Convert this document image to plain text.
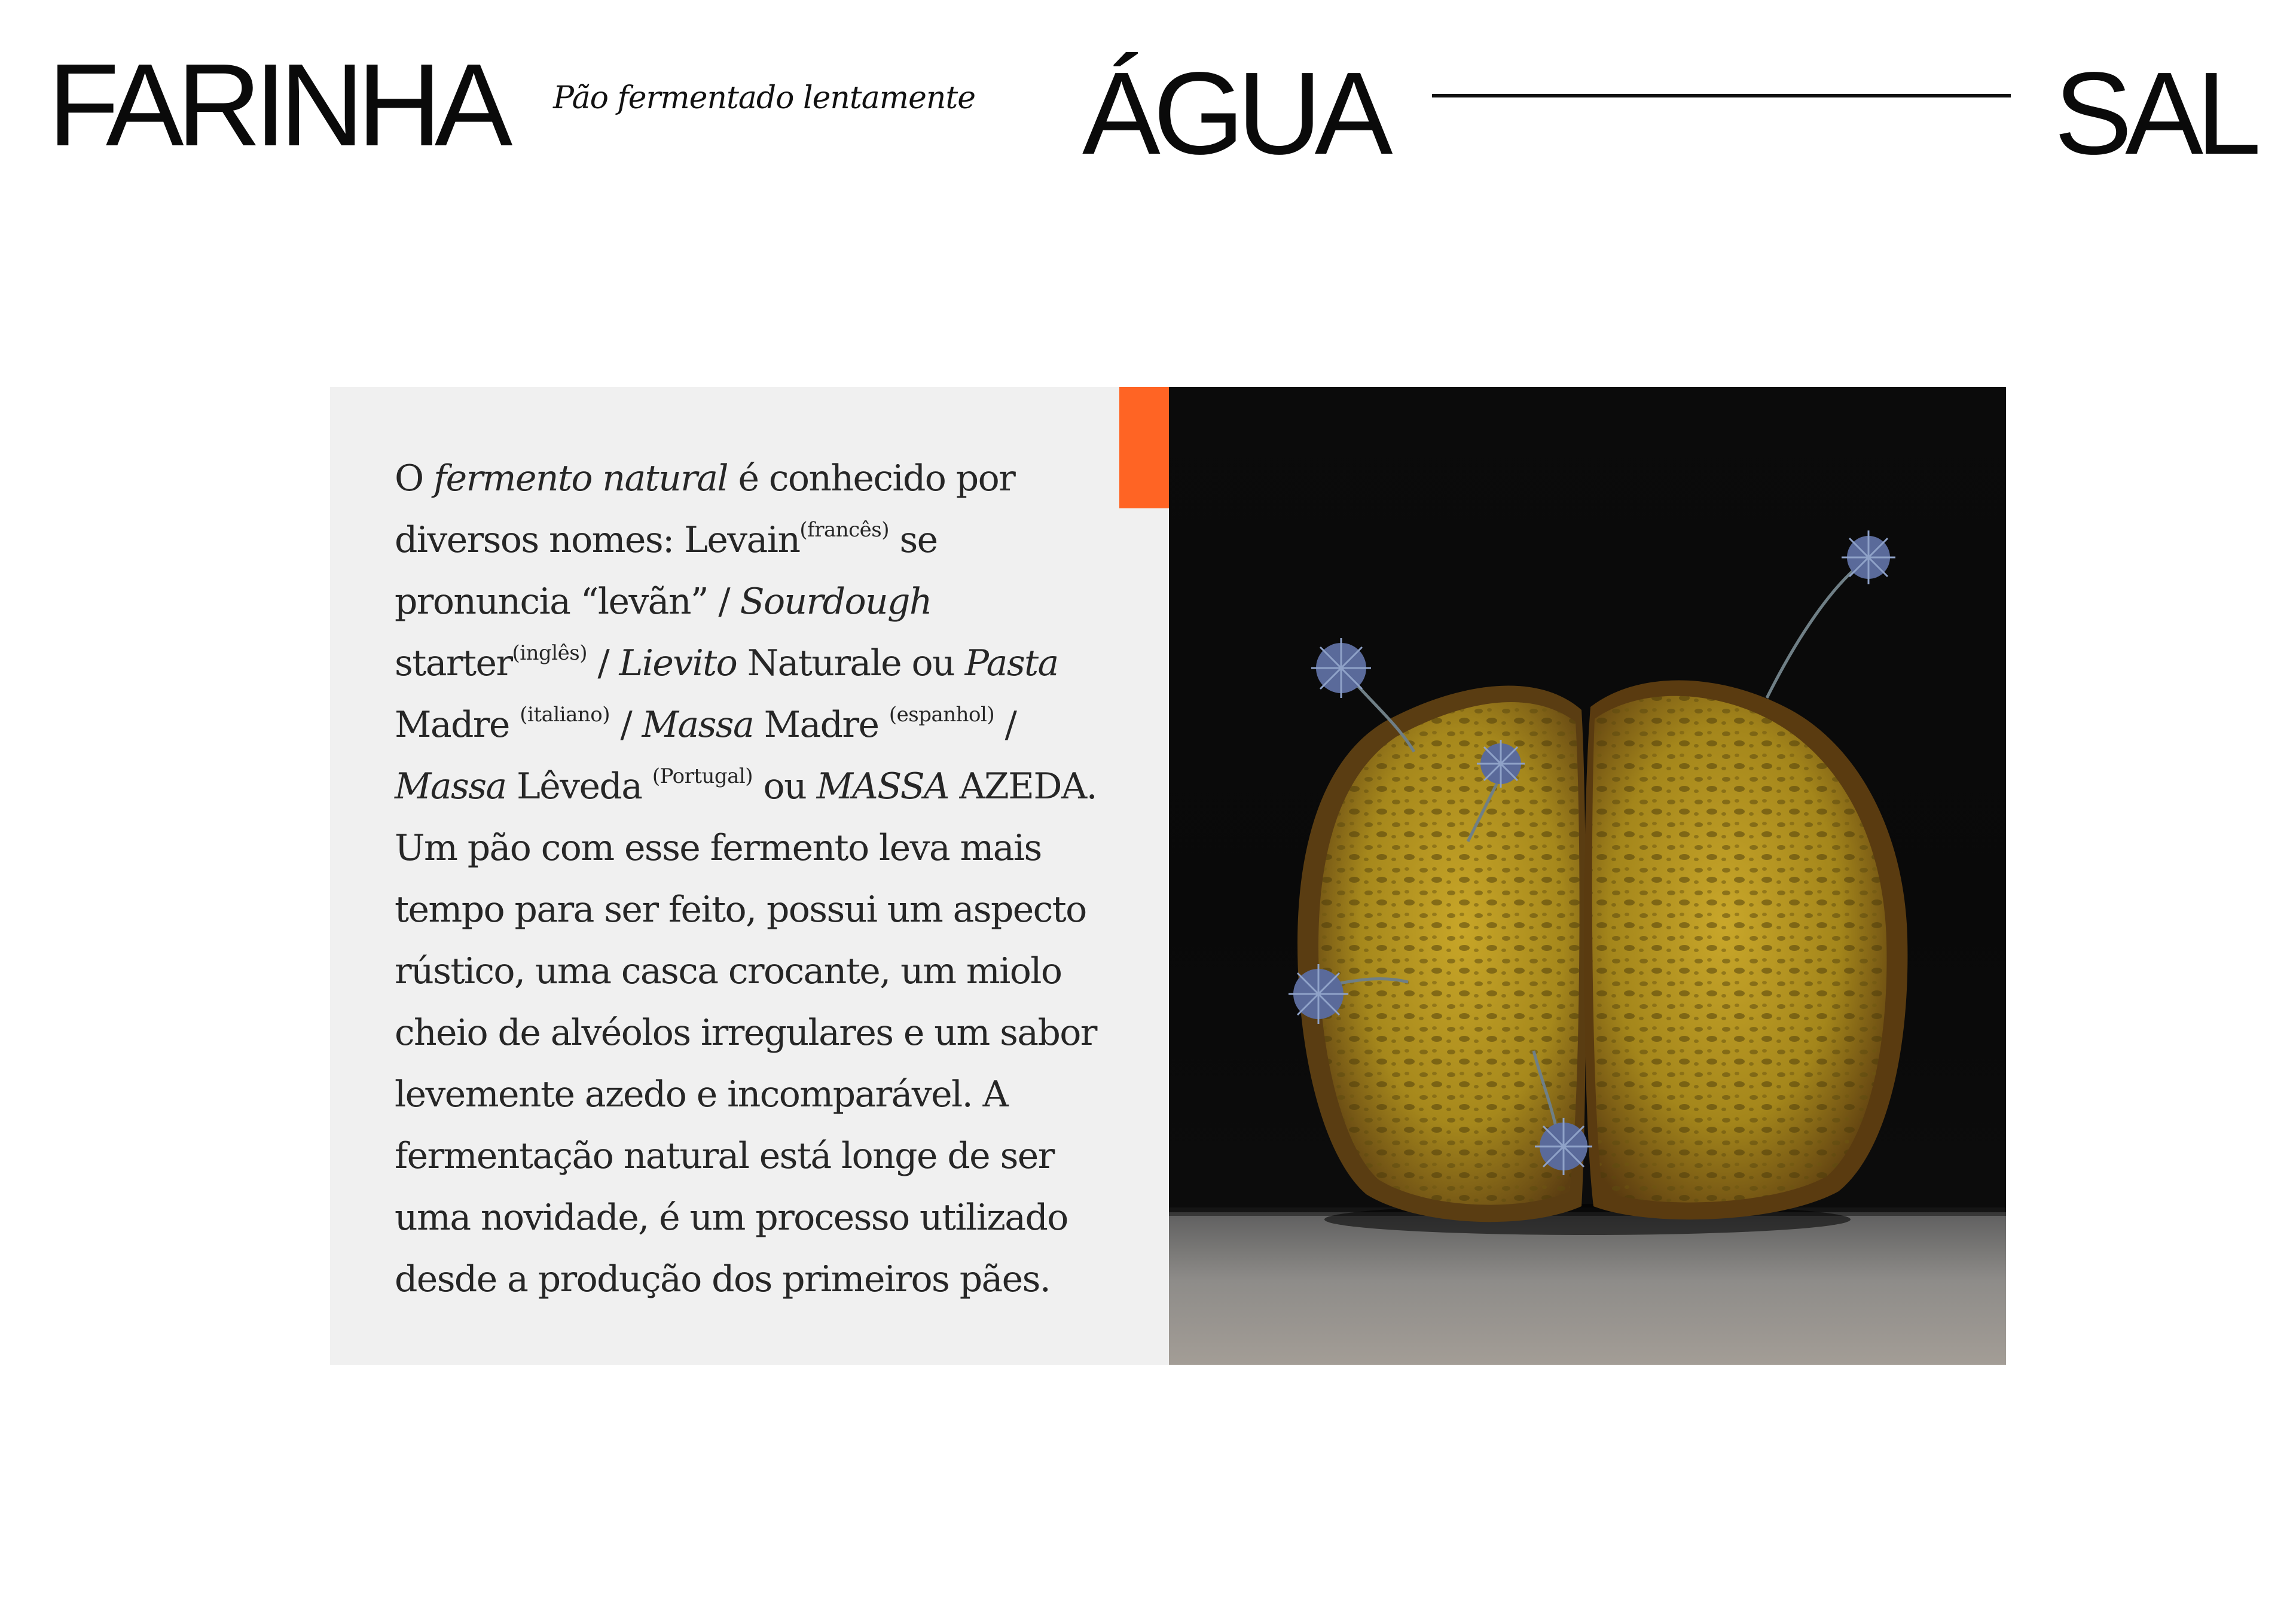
FARINHA Pão fermentado lentamente ÁGUA	SAL
O fermento natural é conhecido por
diversos nomes: Levain$^{(francês)}$ se
pronuncia “levãn” / Sourdough
starter$^{(inglês)}$ / Lievito Naturale ou Pasta
Madre $^{(italiano)}$ / Massa Madre $^{(espanhol)}$ /
Massa Lêveda $^{(Portugal)}$ ou MASSA AZEDA.
Um pão com esse fermento leva mais
tempo para ser feito, possui um aspecto
rústico, uma casca crocante, um miolo
cheio de alvéolos irregulares e um sabor
levemente azedo e incomparável. A
fermentação natural está longe de ser
uma novidade, é um processo utilizado
desde a produção dos primeiros pães.
